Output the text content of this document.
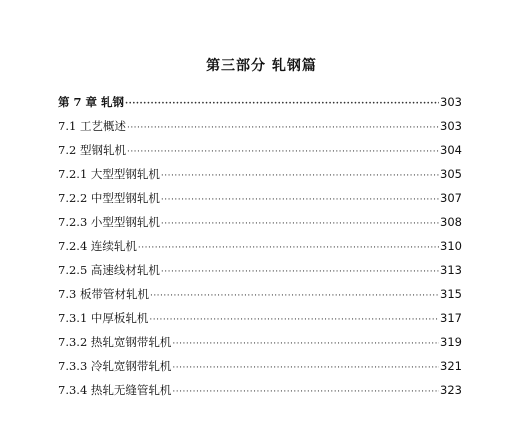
第三部分 轧钢篇
第 7 章 轧钢 ·····	303
7.1 工艺概述 ·····	303
7.2 型钢轧机 ·····	304
7.2.1 大型型钢轧机 ·····	305
7.2.2 中型型钢轧机 ·····	307
7.2.3 小型型钢轧机 ·····	308
7.2.4 连续轧机 ·····	310
7.2.5 高速线材轧机 ·····	313
7.3 板带管材轧机 ·····	315
7.3.1 中厚板轧机 ·····	317
7.3.2 热轧宽钢带轧机 ·····	319
7.3.3 冷轧宽钢带轧机 ·····	321
7.3.4 热轧无缝管轧机 ·····	323
